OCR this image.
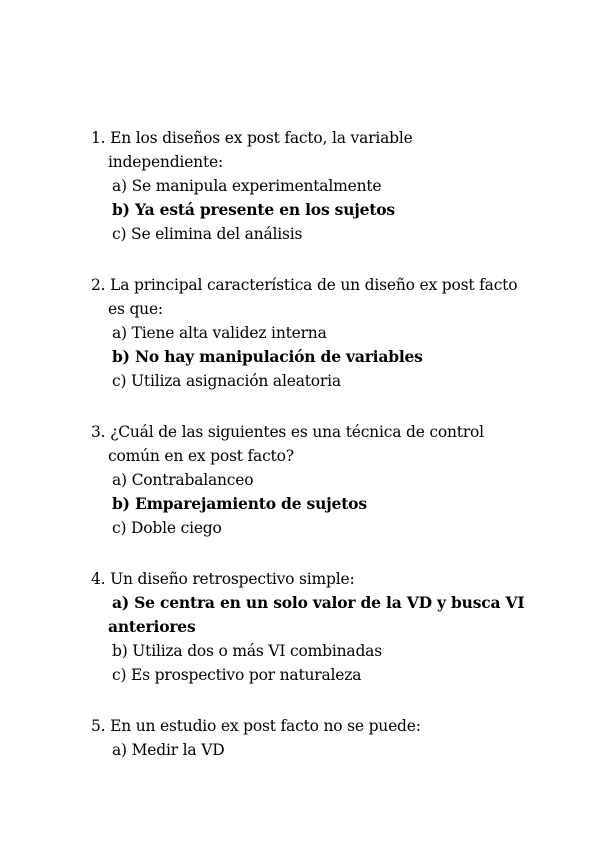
1. En los diseños ex post facto, la variable
independiente:
a) Se manipula experimentalmente
b) Ya está presente en los sujetos
c) Se elimina del análisis
2. La principal característica de un diseño ex post facto
es que:
a) Tiene alta validez interna
b) No hay manipulación de variables
c) Utiliza asignación aleatoria
3. ¿Cuál de las siguientes es una técnica de control
común en ex post facto?
a) Contrabalanceo
b) Emparejamiento de sujetos
c) Doble ciego
4. Un diseño retrospectivo simple:
a) Se centra en un solo valor de la VD y busca VI
anteriores
b) Utiliza dos o más VI combinadas
c) Es prospectivo por naturaleza
5. En un estudio ex post facto no se puede:
a) Medir la VD
